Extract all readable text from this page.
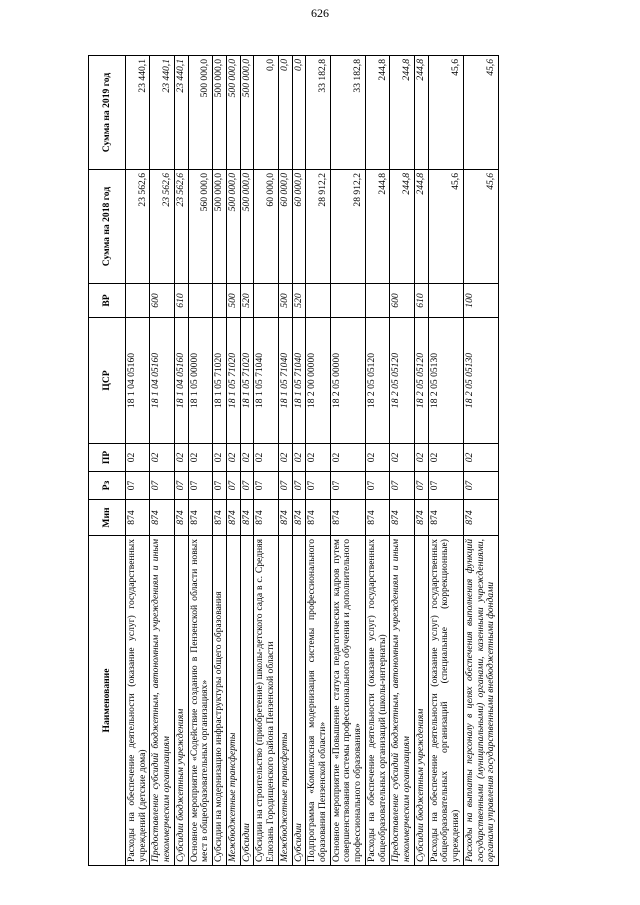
626
Наименование	Мин	Рз	ПР	ЦСР	ВР	Сумма на 2018 год	Сумма на 2019 год
Расходы на обеспечение деятельности (оказание услуг) государственных учреждений (детские дома)	874	07	02	18 1 04 05160		23 562,6	23 440,1
Предоставление субсидий бюджетным, автономным учреждениям и иным некоммерческим организациям	874	07	02	18 1 04 05160	600	23 562,6	23 440,1
Субсидии бюджетным учреждениям	874	07	02	18 1 04 05160	610	23 562,6	23 440,1
Основное мероприятие «Содействие созданию в Пензенской области новых мест в общеобразовательных организациях»	874	07	02	18 1 05 00000		560 000,0	500 000,0
Субсидии на модернизацию инфраструктуры общего образования	874	07	02	18 1 05 71020		500 000,0	500 000,0
Межбюджетные трансферты	874	07	02	18 1 05 71020	500	500 000,0	500 000,0
Субсидии	874	07	02	18 1 05 71020	520	500 000,0	500 000,0
Субсидии на строительство (приобретение) школы-детского сада в с. Средняя Елюзань Городищенского района Пензенской области	874	07	02	18 1 05 71040		60 000,0	0,0
Межбюджетные трансферты	874	07	02	18 1 05 71040	500	60 000,0	0,0
Субсидии	874	07	02	18 1 05 71040	520	60 000,0	0,0
Подпрограмма «Комплексная модернизация системы профессионального образования Пензенской области»	874	07	02	18 2 00 00000		28 912,2	33 182,8
Основное мероприятие «Повышение статуса педагогических кадров путем совершенствования системы профессионального обучения и дополнительного профессионального образования»	874	07	02	18 2 05 00000		28 912,2	33 182,8
Расходы на обеспечение деятельности (оказание услуг) государственных общеобразовательных организаций (школы-интернаты)	874	07	02	18 2 05 05120		244,8	244,8
Предоставление субсидий бюджетным, автономным учреждениям и иным некоммерческим организациям	874	07	02	18 2 05 05120	600	244,8	244,8
Субсидии бюджетным учреждениям	874	07	02	18 2 05 05120	610	244,8	244,8
Расходы на обеспечение деятельности (оказание услуг) государственных общеобразовательных организаций (специальные (коррекционные) учреждения)	874	07	02	18 2 05 05130		45,6	45,6
Расходы на выплаты персоналу в целях обеспечения выполнения функций государственными (муниципальными) органами, казенными учреждениями, органами управления государственными внебюджетными фондами	874	07	02	18 2 05 05130	100	45,6	45,6
